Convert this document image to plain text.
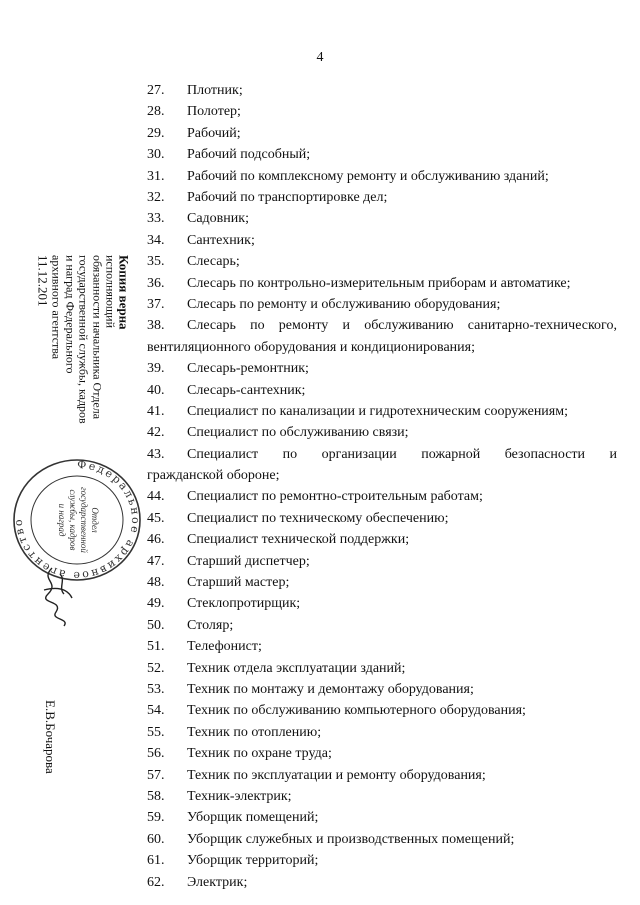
4
27. Плотник;
28. Полотер;
29. Рабочий;
30. Рабочий подсобный;
31. Рабочий по комплексному ремонту и обслуживанию зданий;
32. Рабочий по транспортировке дел;
33. Садовник;
34. Сантехник;
35. Слесарь;
36. Слесарь по контрольно-измерительным приборам и автоматике;
37. Слесарь по ремонту и обслуживанию оборудования;
38. Слесарь по ремонту и обслуживанию санитарно-технического,
вентиляционного оборудования и кондиционирования;
39. Слесарь-ремонтник;
40. Слесарь-сантехник;
41. Специалист по канализации и гидротехническим сооружениям;
42. Специалист по обслуживанию связи;
43. Специалист по организации пожарной безопасности и
гражданской обороне;
44. Специалист по ремонтно-строительным работам;
45. Специалист по техническому обеспечению;
46. Специалист технической поддержки;
47. Старший диспетчер;
48. Старший мастер;
49. Стеклопротирщик;
50. Столяр;
51. Телефонист;
52. Техник отдела эксплуатации зданий;
53. Техник по монтажу и демонтажу оборудования;
54. Техник по обслуживанию компьютерного оборудования;
55. Техник по отоплению;
56. Техник по охране труда;
57. Техник по эксплуатации и ремонту оборудования;
58. Техник-электрик;
59. Уборщик помещений;
60. Уборщик служебных и производственных помещений;
61. Уборщик территорий;
62. Электрик;
Копия верна
исполняющий
обязанности начальника Отдела
государственной службы, кадров
и наград Федерального
архивного агентства
11.12.201
Федеральное архивное агентство	Отдел
государственной
службы, кадров
и наград
Е.В.Бочарова
